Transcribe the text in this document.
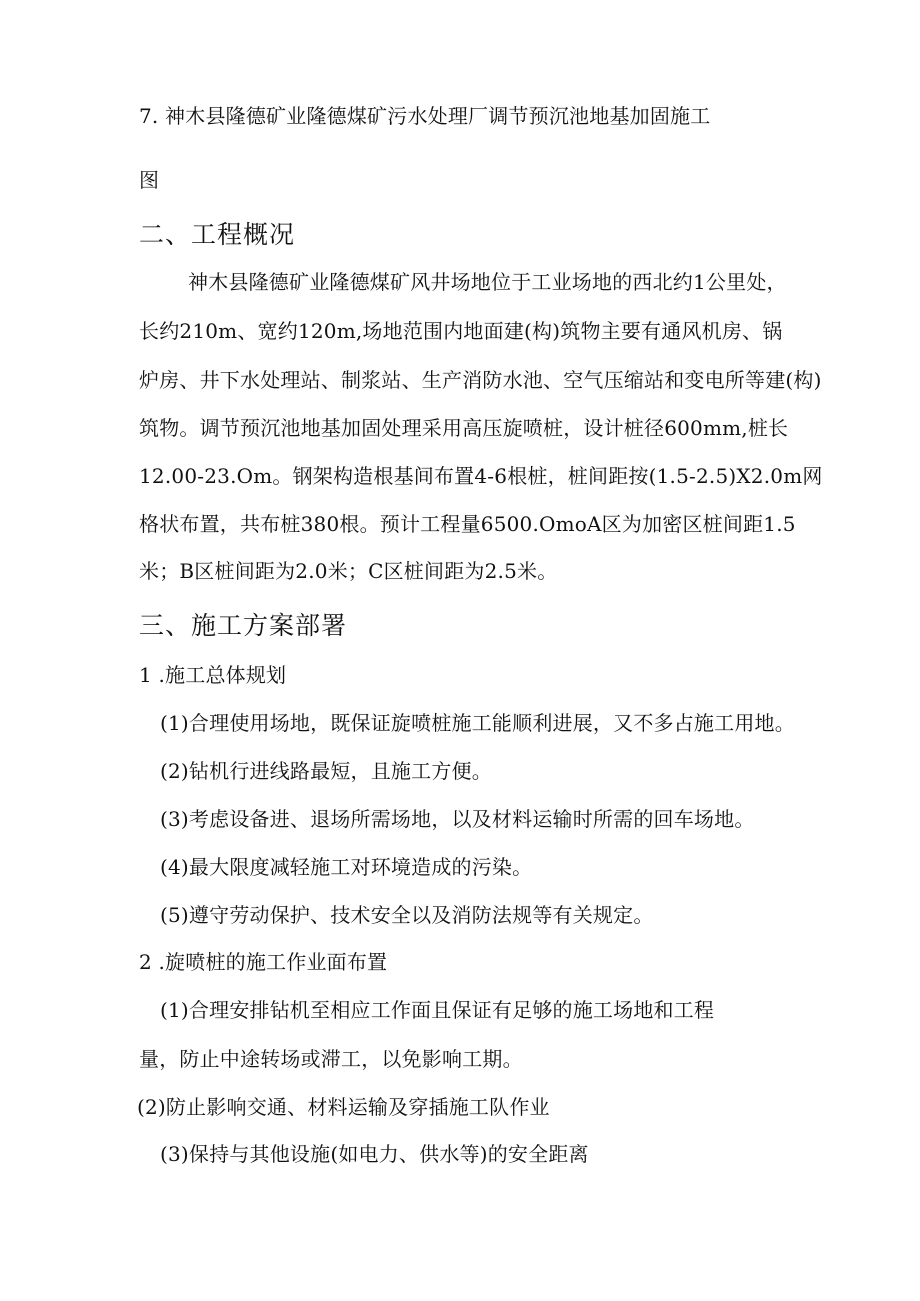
7. 神木县隆德矿业隆德煤矿污水处理厂调节预沉池地基加固施工
图
二、工程概况
神木县隆德矿业隆德煤矿风井场地位于工业场地的西北约1公里处，
长约210m、宽约120m,场地范围内地面建(构)筑物主要有通风机房、锅
炉房、井下水处理站、制浆站、生产消防水池、空气压缩站和变电所等建(构)
筑物。调节预沉池地基加固处理采用高压旋喷桩，设计桩径600mm,桩长
12.00-23.Om。钢架构造根基间布置4-6根桩，桩间距按(1.5-2.5)X2.0m网
格状布置，共布桩380根。预计工程量6500.OmoA区为加密区桩间距1.5
米；B区桩间距为2.0米；C区桩间距为2.5米。
三、施工方案部署
1 .施工总体规划
(1)合理使用场地，既保证旋喷桩施工能顺利进展，又不多占施工用地。
(2)钻机行进线路最短，且施工方便。
(3)考虑设备进、退场所需场地，以及材料运输时所需的回车场地。
(4)最大限度减轻施工对环境造成的污染。
(5)遵守劳动保护、技术安全以及消防法规等有关规定。
2 .旋喷桩的施工作业面布置
(1)合理安排钻机至相应工作面且保证有足够的施工场地和工程
量，防止中途转场或滞工，以免影响工期。
(2)防止影响交通、材料运输及穿插施工队作业
(3)保持与其他设施(如电力、供水等)的安全距离
